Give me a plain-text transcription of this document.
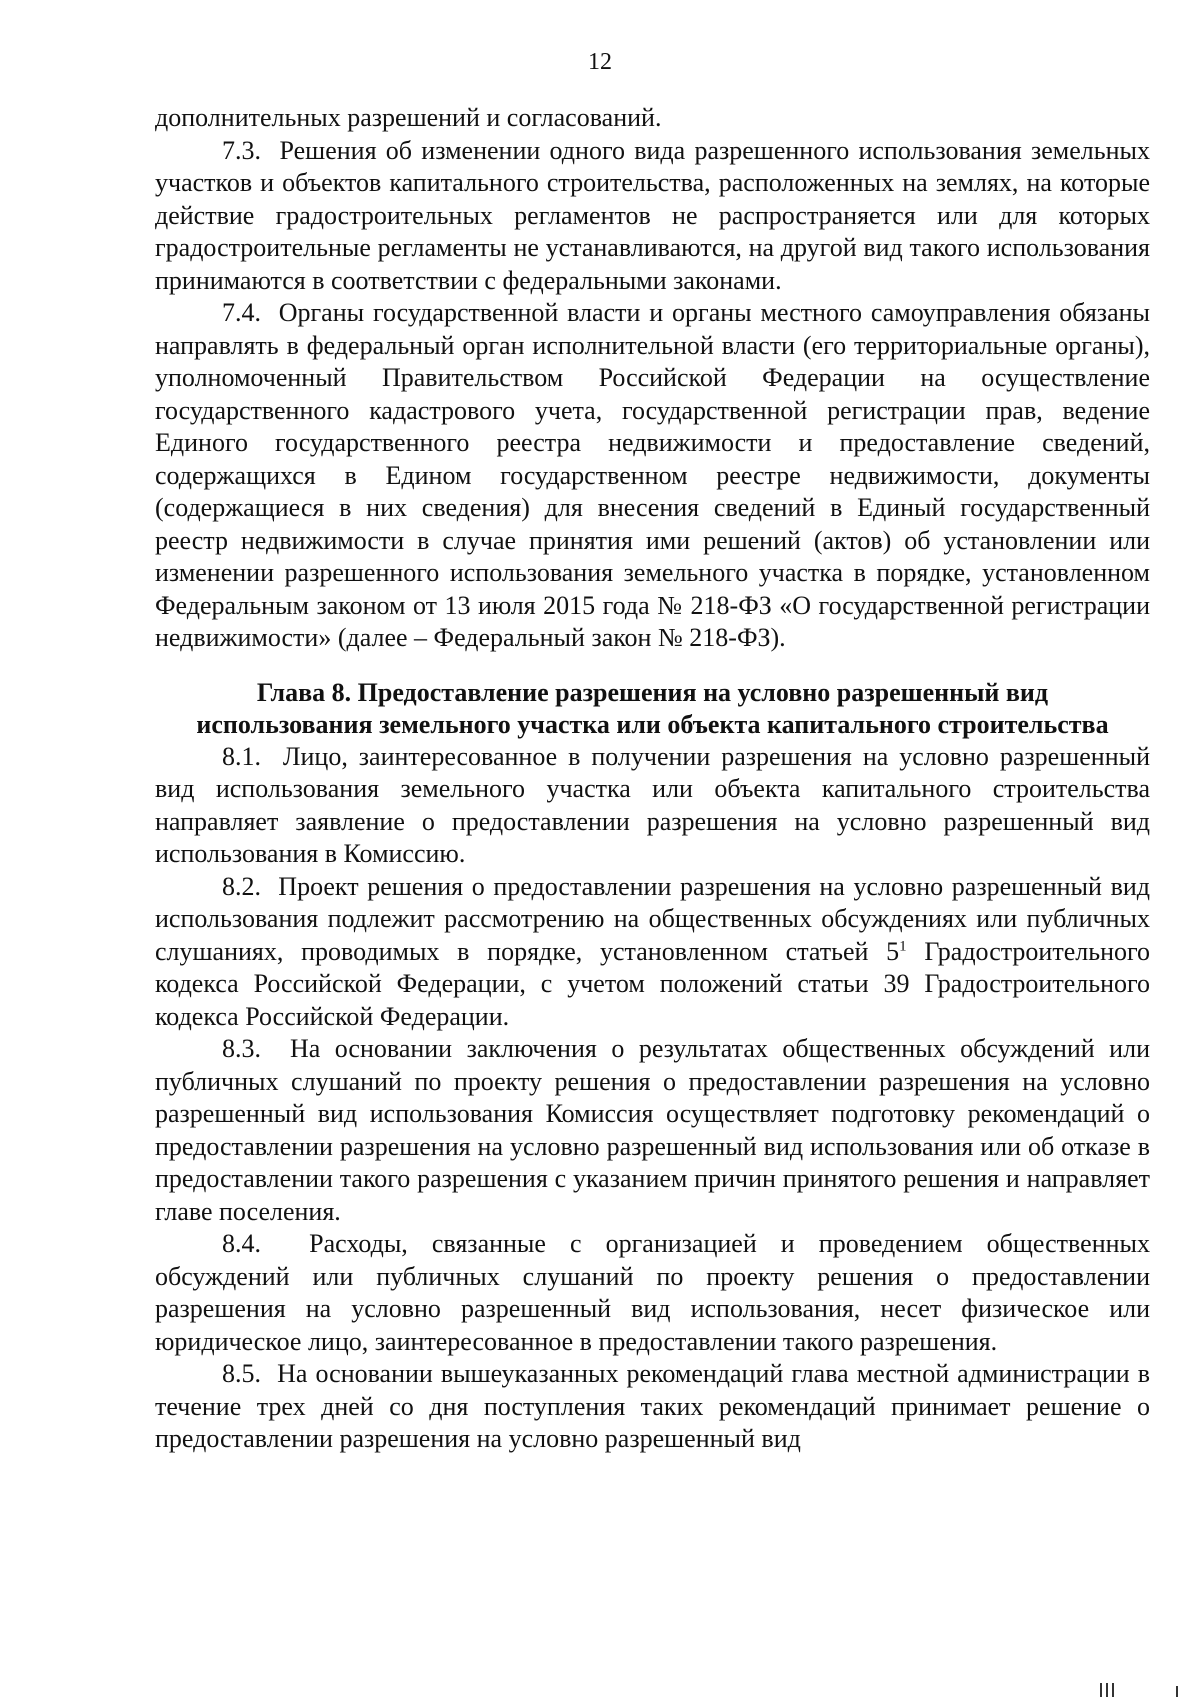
12

дополнительных разрешений и согласований.

7.3.  Решения об изменении одного вида разрешенного использования земельных участков и объектов капитального строительства, расположенных на землях, на которые действие градостроительных регламентов не распространяется или для которых градостроительные регламенты не устанавливаются, на другой вид такого использования принимаются в соответствии с федеральными законами.

7.4.  Органы государственной власти и органы местного самоуправления обязаны направлять в федеральный орган исполнительной власти (его территориальные органы), уполномоченный Правительством Российской Федерации на осуществление государственного кадастрового учета, государственной регистрации прав, ведение Единого государственного реестра недвижимости и предоставление сведений, содержащихся в Едином государственном реестре недвижимости, документы (содержащиеся в них сведения) для внесения сведений в Единый государственный реестр недвижимости в случае принятия ими решений (актов) об установлении или изменении разрешенного использования земельного участка в порядке, установленном Федеральным законом от 13 июля 2015 года № 218-ФЗ «О государственной регистрации недвижимости» (далее – Федеральный закон № 218-ФЗ).

Глава 8. Предоставление разрешения на условно разрешенный вид
использования земельного участка или объекта капитального строительства

8.1.  Лицо, заинтересованное в получении разрешения на условно разрешенный вид использования земельного участка или объекта капитального строительства направляет заявление о предоставлении разрешения на условно разрешенный вид использования в Комиссию.

8.2.  Проект решения о предоставлении разрешения на условно разрешенный вид использования подлежит рассмотрению на общественных обсуждениях или публичных слушаниях, проводимых в порядке, установленном статьей $5^1$ Градостроительного кодекса Российской Федерации, с учетом положений статьи 39 Градостроительного кодекса Российской Федерации.

8.3.  На основании заключения о результатах общественных обсуждений или публичных слушаний по проекту решения о предоставлении разрешения на условно разрешенный вид использования Комиссия осуществляет подготовку рекомендаций о предоставлении разрешения на условно разрешенный вид использования или об отказе в предоставлении такого разрешения с указанием причин принятого решения и направляет главе поселения.

8.4.  Расходы, связанные с организацией и проведением общественных обсуждений или публичных слушаний по проекту решения о предоставлении разрешения на условно разрешенный вид использования, несет физическое или юридическое лицо, заинтересованное в предоставлении такого разрешения.

8.5.  На основании вышеуказанных рекомендаций глава местной администрации в течение трех дней со дня поступления таких рекомендаций принимает решение о предоставлении разрешения на условно разрешенный вид
